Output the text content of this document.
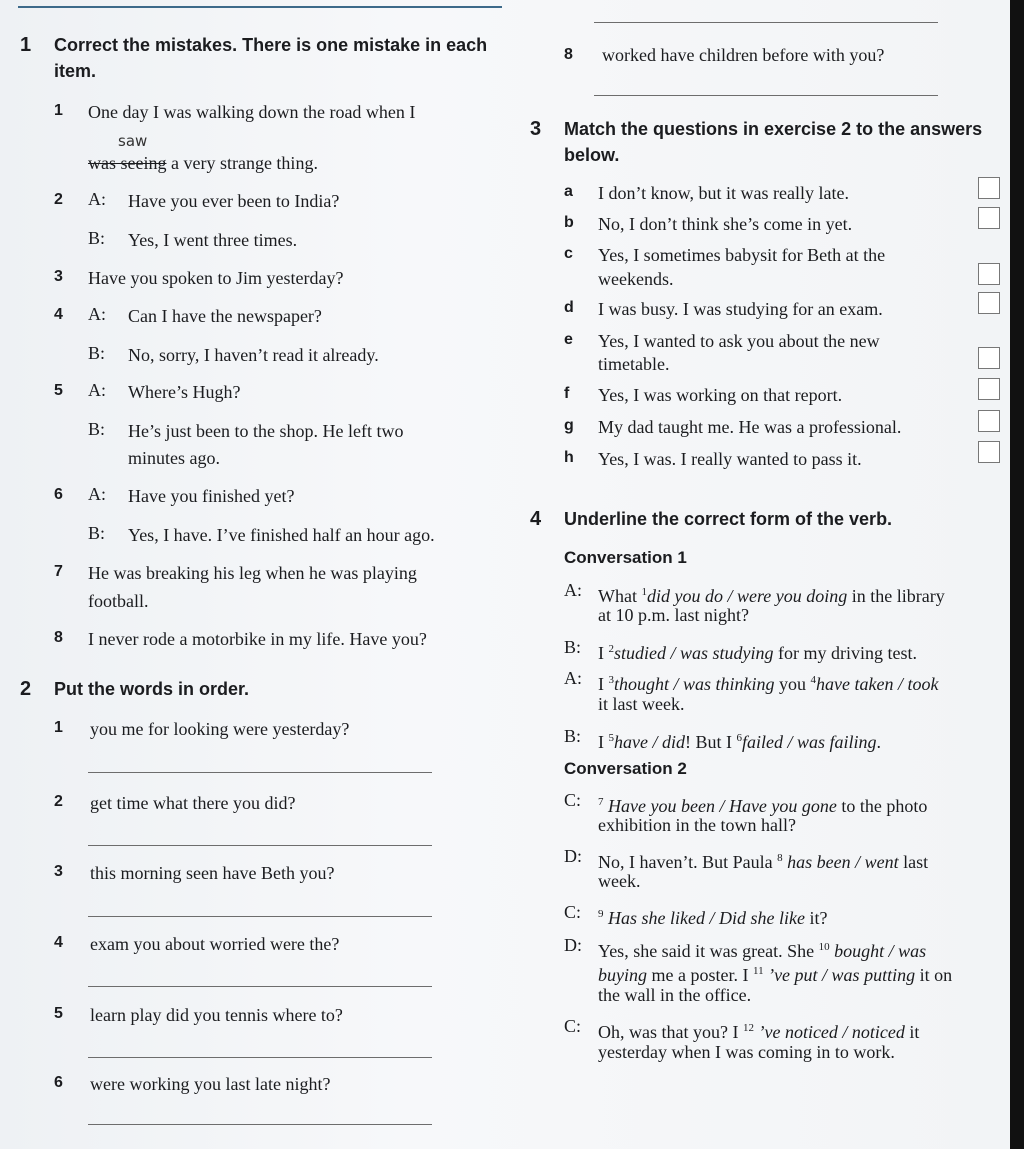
1	Correct the mistakes. There is one mistake in each item.
1 One day I was walking down the road when I
saw
was seeing a very strange thing.
2 A: Have you ever been to India?
B: Yes, I went three times.
3 Have you spoken to Jim yesterday?
4 A: Can I have the newspaper?
B: No, sorry, I haven’t read it already.
5 A: Where’s Hugh?
B: He’s just been to the shop. He left two
minutes ago.
6 A: Have you finished yet?
B: Yes, I have. I’ve finished half an hour ago.
7 He was breaking his leg when he was playing
football.
8 I never rode a motorbike in my life. Have you?
2	Put the words in order.
1 you me for looking were yesterday?
2 get time what there you did?
3 this morning seen have Beth you?
4 exam you about worried were the?
5 learn play did you tennis where to?
6 were working you last late night?
8 worked have children before with you?
3	Match the questions in exercise 2 to the answers below.
a I don’t know, but it was really late.
b No, I don’t think she’s come in yet.
c Yes, I sometimes babysit for Beth at the
weekends.
d I was busy. I was studying for an exam.
e Yes, I wanted to ask you about the new
timetable.
f Yes, I was working on that report.
g My dad taught me. He was a professional.
h Yes, I was. I really wanted to pass it.
4	Underline the correct form of the verb.
Conversation 1
A: What $^1$did you do / were you doing in the library
at 10 p.m. last night?
B: I $^2$studied / was studying for my driving test.
A: I $^3$thought / was thinking you $^4$have taken / took
it last week.
B: I $^5$have / did! But I $^6$failed / was failing.
Conversation 2
C: $^7$ Have you been / Have you gone to the photo
exhibition in the town hall?
D: No, I haven’t. But Paula $^8$ has been / went last
week.
C: $^9$ Has she liked / Did she like it?
D: Yes, she said it was great. She $^{10}$ bought / was
buying me a poster. I $^{11}$ ’ve put / was putting it on
the wall in the office.
C: Oh, was that you? I $^{12}$ ’ve noticed / noticed it
yesterday when I was coming in to work.
